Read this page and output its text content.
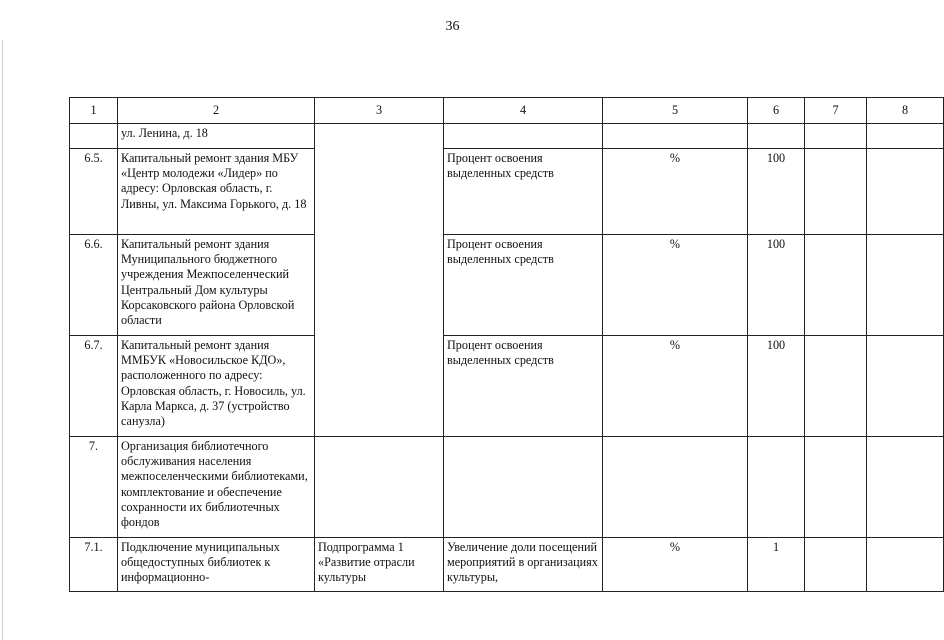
36
1	2	3	4	5	6	7	8
	ул. Ленина, д. 18						
6.5.	Капитальный ремонт здания МБУ «Центр молодежи «Лидер» по адресу: Орловская область, г. Ливны, ул. Максима Горького, д. 18		Процент освоения выделенных средств	%	100		
6.6.	Капитальный ремонт здания Муниципального бюджетного учреждения Межпоселенческий Центральный Дом культуры Корсаковского района Орловской области		Процент освоения выделенных средств	%	100		
6.7.	Капитальный ремонт здания ММБУК «Новосильское КДО», расположенного по адресу: Орловская область, г. Новосиль, ул. Карла Маркса, д. 37 (устройство санузла)		Процент освоения выделенных средств	%	100		
7.	Организация библиотечного обслуживания населения межпоселенческими библиотеками, комплектование и обеспечение сохранности их библиотечных фондов						
7.1.	Подключение муниципальных общедоступных библиотек к информационно-	Подпрограмма 1 «Развитие отрасли культуры	Увеличение доли посещений мероприятий в организациях культуры,	%	1		
